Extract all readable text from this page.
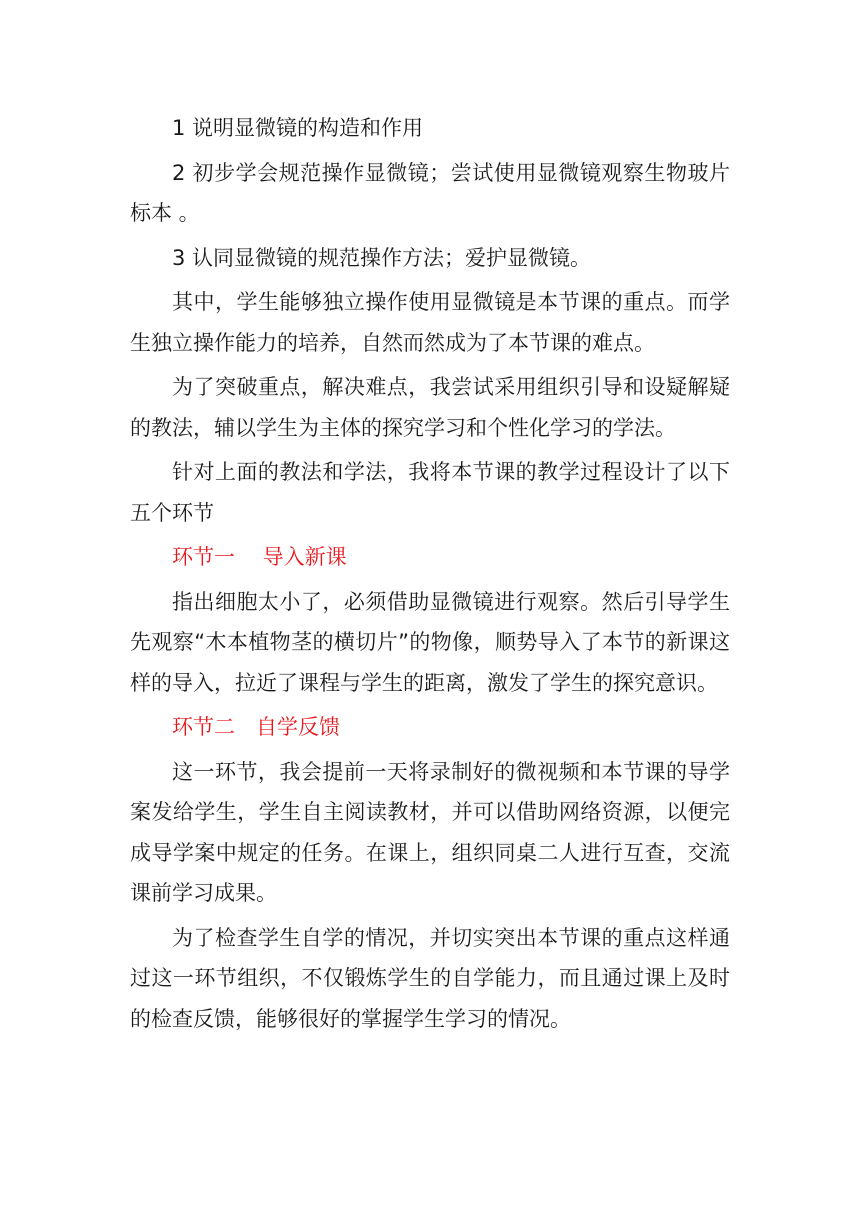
1 说明显微镜的构造和作用

2 初步学会规范操作显微镜；尝试使用显微镜观察生物玻片标本 。

3 认同显微镜的规范操作方法；爱护显微镜。

其中，学生能够独立操作使用显微镜是本节课的重点。而学生独立操作能力的培养，自然而然成为了本节课的难点。

为了突破重点，解决难点，我尝试采用组织引导和设疑解疑的教法，辅以学生为主体的探究学习和个性化学习的学法。

针对上面的教法和学法，我将本节课的教学过程设计了以下五个环节

环节一 　导入新课

指出细胞太小了，必须借助显微镜进行观察。然后引导学生先观察“木本植物茎的横切片”的物像，顺势导入了本节的新课这样的导入，拉近了课程与学生的距离，激发了学生的探究意识。

环节二　自学反馈

这一环节，我会提前一天将录制好的微视频和本节课的导学案发给学生，学生自主阅读教材，并可以借助网络资源，以便完成导学案中规定的任务。在课上，组织同桌二人进行互查，交流课前学习成果。

为了检查学生自学的情况，并切实突出本节课的重点这样通过这一环节组织，不仅锻炼学生的自学能力，而且通过课上及时的检查反馈，能够很好的掌握学生学习的情况。
